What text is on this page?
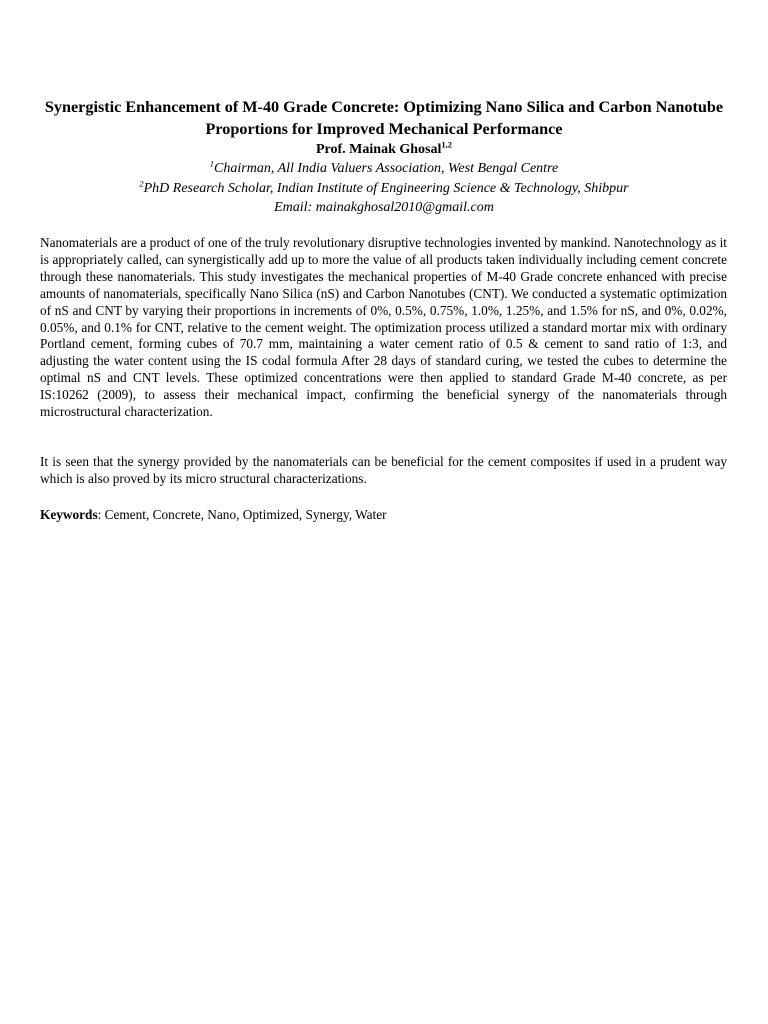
Synergistic Enhancement of M-40 Grade Concrete: Optimizing Nano Silica and Carbon Nanotube Proportions for Improved Mechanical Performance

Prof. Mainak Ghosal$^{1,2}$

$^1$Chairman, All India Valuers Association, West Bengal Centre

$^2$PhD Research Scholar, Indian Institute of Engineering Science & Technology, Shibpur

Email: mainakghosal2010@gmail.com

Nanomaterials are a product of one of the truly revolutionary disruptive technologies invented by mankind. Nanotechnology as it is appropriately called, can synergistically add up to more the value of all products taken individually including cement concrete through these nanomaterials. This study investigates the mechanical properties of M-40 Grade concrete enhanced with precise amounts of nanomaterials, specifically Nano Silica (nS) and Carbon Nanotubes (CNT). We conducted a systematic optimization of nS and CNT by varying their proportions in increments of 0%, 0.5%, 0.75%, 1.0%, 1.25%, and 1.5% for nS, and 0%, 0.02%, 0.05%, and 0.1% for CNT, relative to the cement weight. The optimization process utilized a standard mortar mix with ordinary Portland cement, forming cubes of 70.7 mm, maintaining a water cement ratio of 0.5 & cement to sand ratio of 1:3, and adjusting the water content using the IS codal formula After 28 days of standard curing, we tested the cubes to determine the optimal nS and CNT levels. These optimized concentrations were then applied to standard Grade M-40 concrete, as per IS:10262 (2009), to assess their mechanical impact, confirming the beneficial synergy of the nanomaterials through microstructural characterization.

It is seen that the synergy provided by the nanomaterials can be beneficial for the cement composites if used in a prudent way which is also proved by its micro structural characterizations.

Keywords: Cement, Concrete, Nano, Optimized, Synergy, Water
